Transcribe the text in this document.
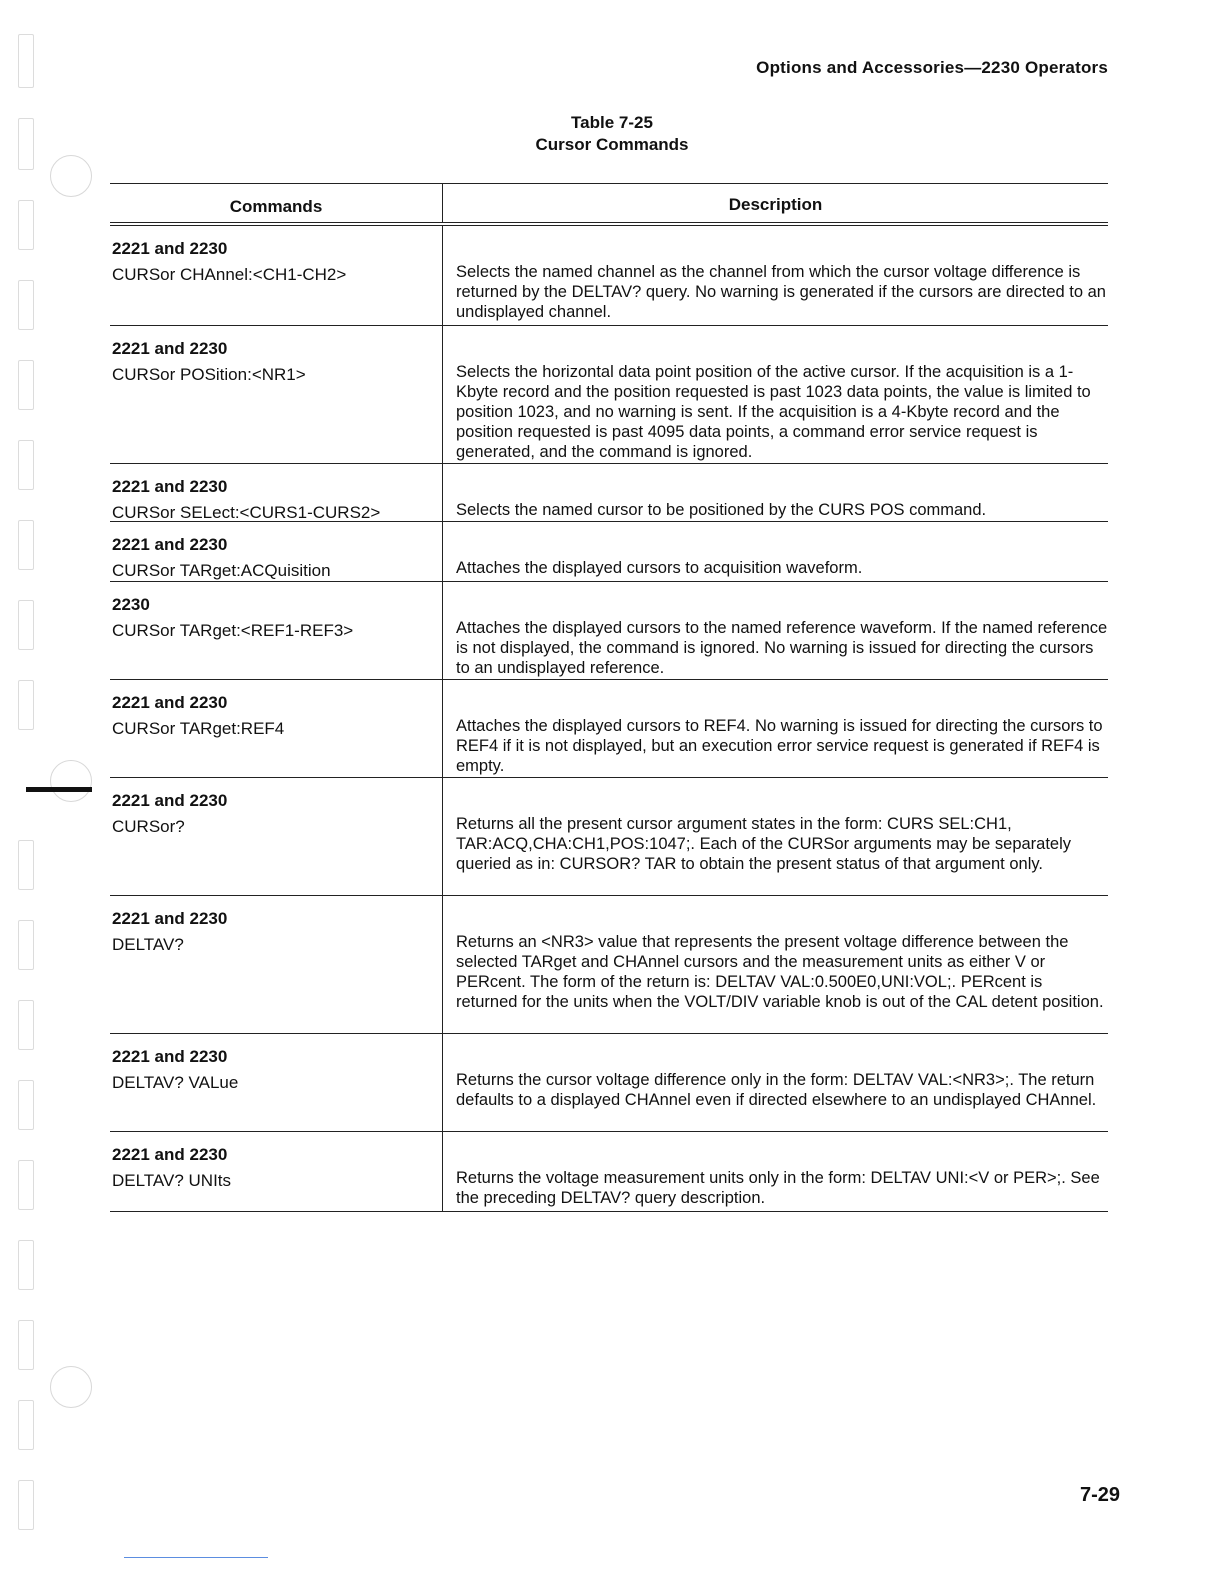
Options and Accessories—2230 Operators
Table 7-25
Cursor Commands
Commands	Description
2221 and 2230
CURSor CHAnnel:<CH1-CH2>	Selects the named channel as the channel from which the cursor voltage difference is returned by the DELTAV? query. No warning is generated if the cursors are directed to an undisplayed channel.
2221 and 2230
CURSor POSition:<NR1>	Selects the horizontal data point position of the active cursor. If the acquisition is a 1-Kbyte record and the position requested is past 1023 data points, the value is limited to position 1023, and no warning is sent. If the acquisition is a 4-Kbyte record and the position requested is past 4095 data points, a command error service request is generated, and the command is ignored.
2221 and 2230
CURSor SELect:<CURS1-CURS2>	Selects the named cursor to be positioned by the CURS POS command.
2221 and 2230
CURSor TARget:ACQuisition	Attaches the displayed cursors to acquisition waveform.
2230
CURSor TARget:<REF1-REF3>	Attaches the displayed cursors to the named reference waveform. If the named reference is not displayed, the command is ignored. No warning is issued for directing the cursors to an undisplayed reference.
2221 and 2230
CURSor TARget:REF4	Attaches the displayed cursors to REF4. No warning is issued for directing the cursors to REF4 if it is not displayed, but an execution error service request is generated if REF4 is empty.
2221 and 2230
CURSor?	Returns all the present cursor argument states in the form: CURS SEL:CH1, TAR:ACQ,CHA:CH1,POS:1047;. Each of the CURSor arguments may be separately queried as in: CURSOR? TAR to obtain the present status of that argument only.
2221 and 2230
DELTAV?	Returns an <NR3> value that represents the present voltage difference between the selected TARget and CHAnnel cursors and the measurement units as either V or PERcent. The form of the return is: DELTAV VAL:0.500E0,UNI:VOL;. PERcent is returned for the units when the VOLT/DIV variable knob is out of the CAL detent position.
2221 and 2230
DELTAV? VALue	Returns the cursor voltage difference only in the form: DELTAV VAL:<NR3>;. The return defaults to a displayed CHAnnel even if directed elsewhere to an undisplayed CHAnnel.
2221 and 2230
DELTAV? UNIts	Returns the voltage measurement units only in the form: DELTAV UNI:<V or PER>;. See the preceding DELTAV? query description.
7-29
